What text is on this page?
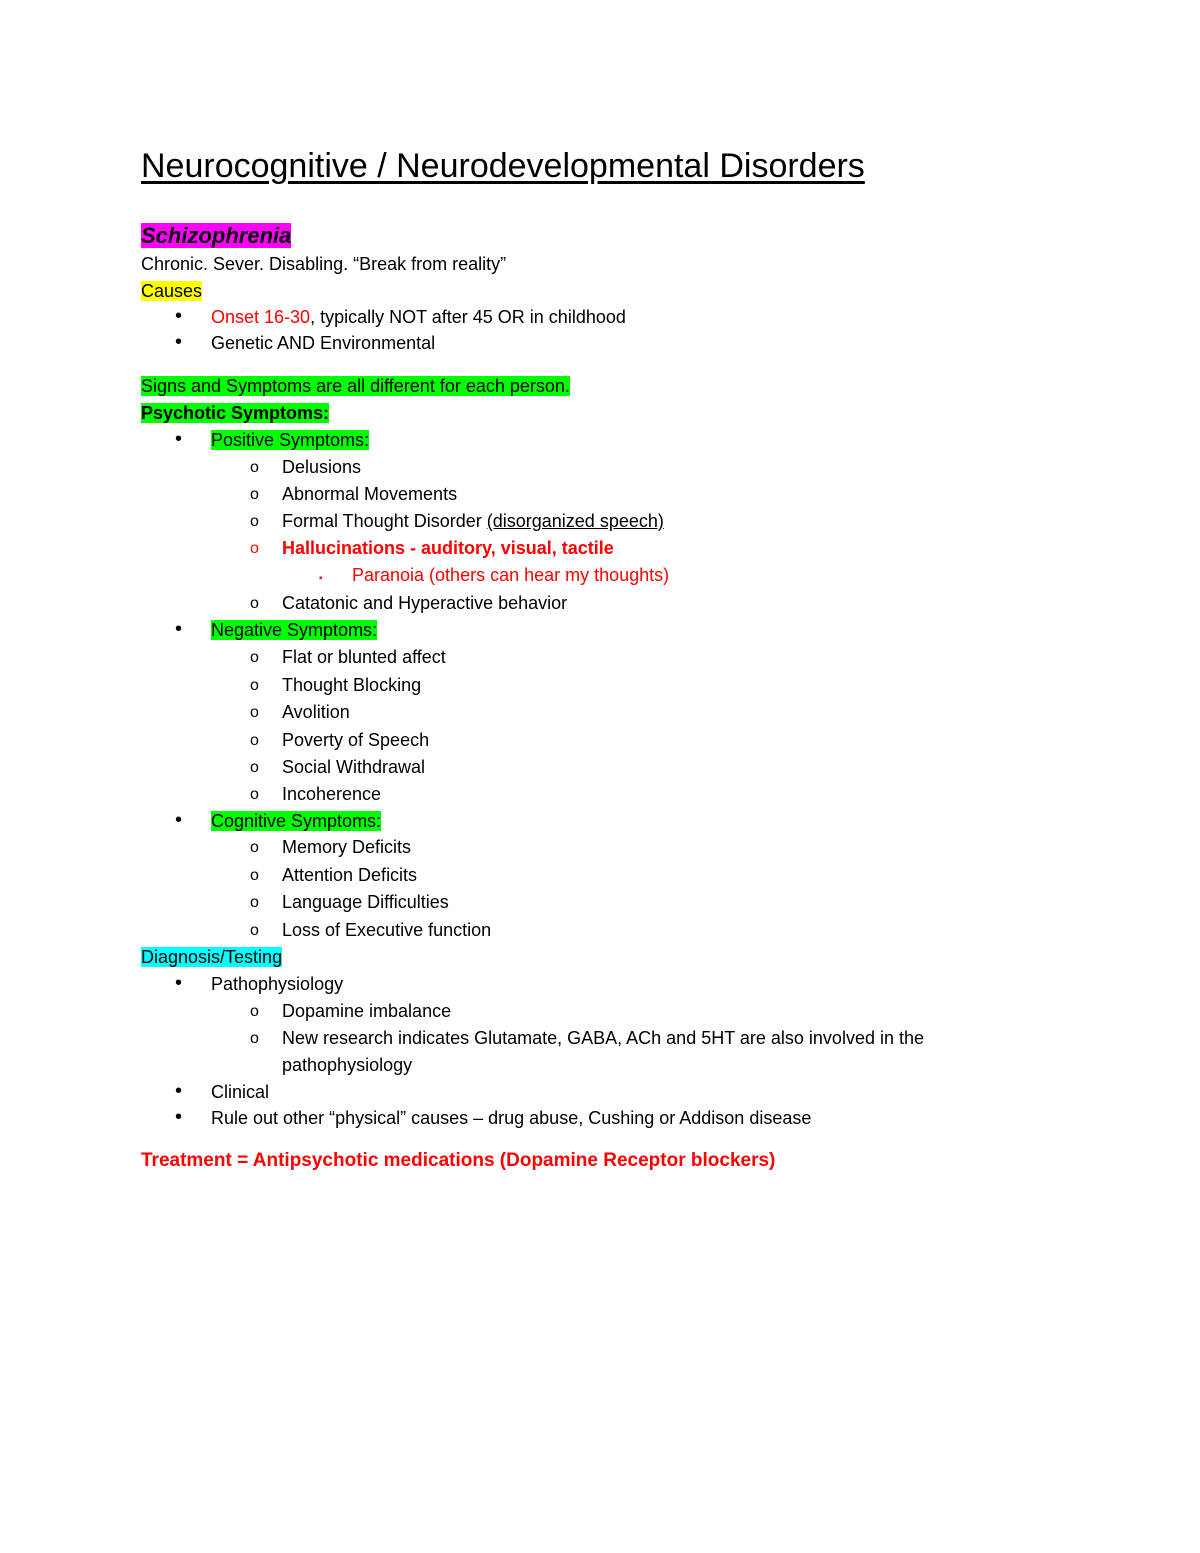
Neurocognitive / Neurodevelopmental Disorders
Schizophrenia
Chronic. Sever. Disabling. “Break from reality”
Causes
• Onset 16-30, typically NOT after 45 OR in childhood
• Genetic AND Environmental
Signs and Symptoms are all different for each person.
Psychotic Symptoms:
• Positive Symptoms:
o Delusions
o Abnormal Movements
o Formal Thought Disorder (disorganized speech)
o Hallucinations - auditory, visual, tactile
▪ Paranoia (others can hear my thoughts)
o Catatonic and Hyperactive behavior
• Negative Symptoms:
o Flat or blunted affect
o Thought Blocking
o Avolition
o Poverty of Speech
o Social Withdrawal
o Incoherence
• Cognitive Symptoms:
o Memory Deficits
o Attention Deficits
o Language Difficulties
o Loss of Executive function
Diagnosis/Testing
• Pathophysiology
o Dopamine imbalance
o New research indicates Glutamate, GABA, ACh and 5HT are also involved in the
pathophysiology
• Clinical
• Rule out other “physical” causes – drug abuse, Cushing or Addison disease
Treatment = Antipsychotic medications (Dopamine Receptor blockers)
